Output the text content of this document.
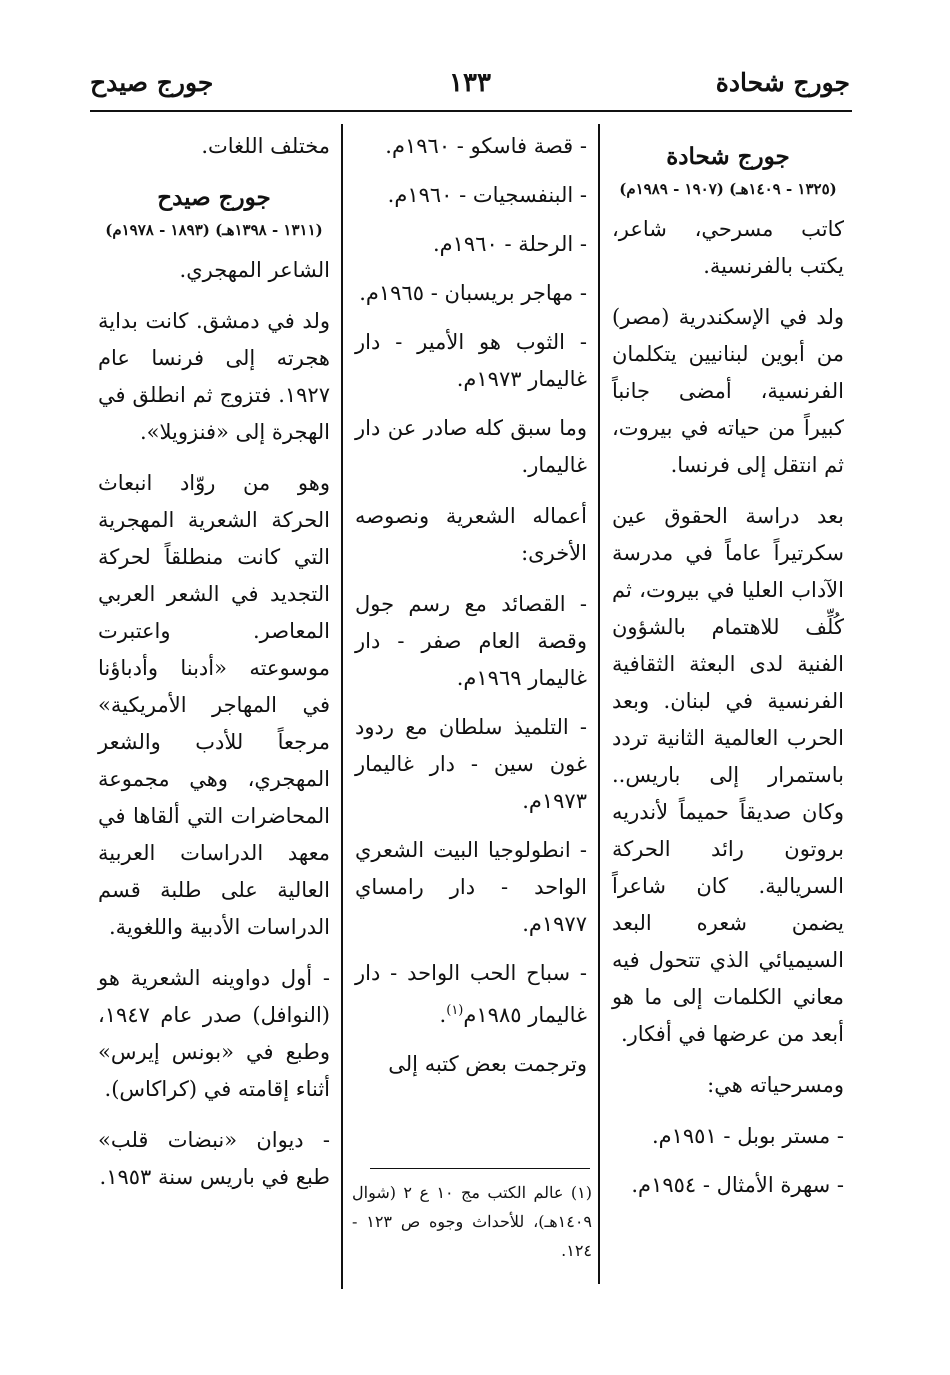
جورج شحادة
١٣٣
جورج صيدح
جورج شحادة
(١٣٢٥ - ١٤٠٩هـ) (١٩٠٧ - ١٩٨٩م)

كاتب مسرحي، شاعر، يكتب بالفرنسية.

ولد في الإسكندرية (مصر) من أبوين لبنانيين يتكلمان الفرنسية، أمضى جانباً كبيراً من حياته في بيروت، ثم انتقل إلى فرنسا.

بعد دراسة الحقوق عين سكرتيراً عاماً في مدرسة الآداب العليا في بيروت، ثم كُلِّف للاهتمام بالشؤون الفنية لدى البعثة الثقافية الفرنسية في لبنان. وبعد الحرب العالمية الثانية تردد باستمرار إلى باريس.. وكان صديقاً حميماً لأندريه بروتون رائد الحركة السريالية. كان شاعراً يضمن شعره البعد السيميائي الذي تتحول فيه معاني الكلمات إلى ما هو أبعد من عرضها في أفكار.

ومسرحياته هي:

- مستر بوبل - ١٩٥١م.
- سهرة الأمثال - ١٩٥٤م.
- قصة فاسكو - ١٩٦٠م.
- البنفسجيات - ١٩٦٠م.
- الرحلة - ١٩٦٠م.
- مهاجر بريسبان - ١٩٦٥م.
- الثوب هو الأمير - دار غاليمار ١٩٧٣م.

وما سبق كله صادر عن دار غاليمار.

أعماله الشعرية ونصوصه الأخرى:

- القصائد مع رسم جول وقصة العام صفر - دار غاليمار ١٩٦٩م.
- التلميذ سلطان مع ردود غون سين - دار غاليمار ١٩٧٣م.
- انطولوجيا البيت الشعري الواحد - دار رامساي ١٩٧٧م.
- سباح الحب الواحد - دار غاليمار ١٩٨٥م$^{(١)}$.

وترجمت بعض كتبه إلى

(١) عالم الكتب مج ١٠ ع ٢ (شوال ١٤٠٩هـ)، للأحداث وجوه ص ١٢٣ - ١٢٤.

مختلف اللغات.

جورج صيدح
(١٣١١ - ١٣٩٨هـ) (١٨٩٣ - ١٩٧٨م)

الشاعر المهجري.

ولد في دمشق. كانت بداية هجرته إلى فرنسا عام ١٩٢٧. فتزوج ثم انطلق في الهجرة إلى «فنزويلا».

وهو من روّاد انبعاث الحركة الشعرية المهجرية التي كانت منطلقاً لحركة التجديد في الشعر العربي المعاصر. واعتبرت موسوعته «أدبنا وأدباؤنا في المهاجر الأمريكية» مرجعاً للأدب والشعر المهجري، وهي مجموعة المحاضرات التي ألقاها في معهد الدراسات العربية العالية على طلبة قسم الدراسات الأدبية واللغوية.

- أول دواوينه الشعرية هو (النوافل) صدر عام ١٩٤٧، وطبع في «بونس إيرس» أثناء إقامته في (كراكاس).

- ديوان «نبضات قلب» طبع في باريس سنة ١٩٥٣.
